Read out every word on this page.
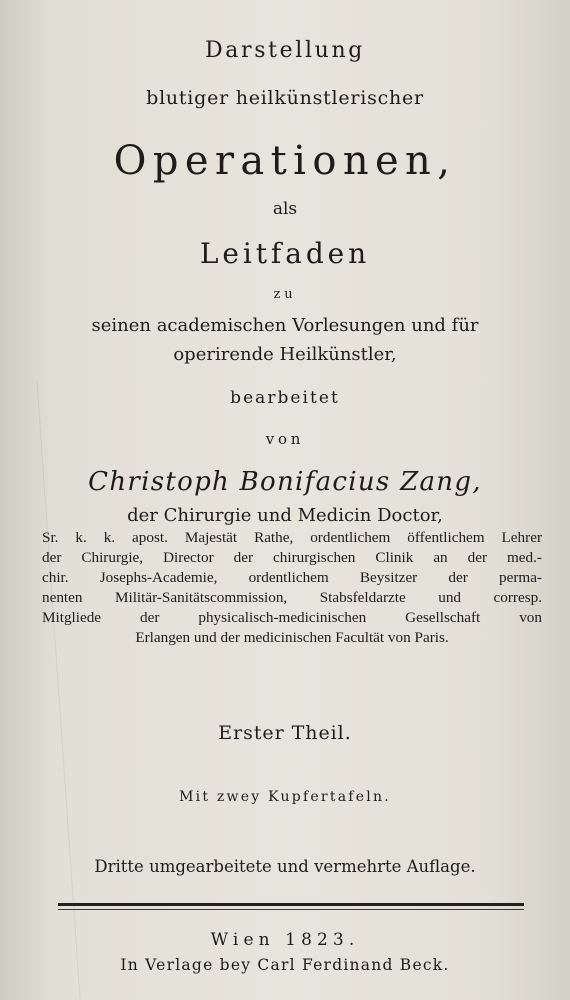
Darstellung
blutiger heilkünstlerischer
Operationen,
als
Leitfaden
zu
seinen academischen Vorlesungen und für
operirende Heilkünstler,
bearbeitet
von
Christoph Bonifacius Zang,
der Chirurgie und Medicin Doctor,
Sr. k. k. apost. Majestät Rathe, ordentlichem öffentlichem Lehrer
der Chirurgie, Director der chirurgischen Clinik an der med.-
chir. Josephs-Academie, ordentlichem Beysitzer der perma-
nenten Militär-Sanitätscommission, Stabsfeldarzte und corresp.
Mitgliede der physicalisch-medicinischen Gesellschaft von
Erlangen und der medicinischen Facultät von Paris.
Erster Theil.
Mit zwey Kupfertafeln.
Dritte umgearbeitete und vermehrte Auflage.
Wien 1823.
In Verlage bey Carl Ferdinand Beck.
